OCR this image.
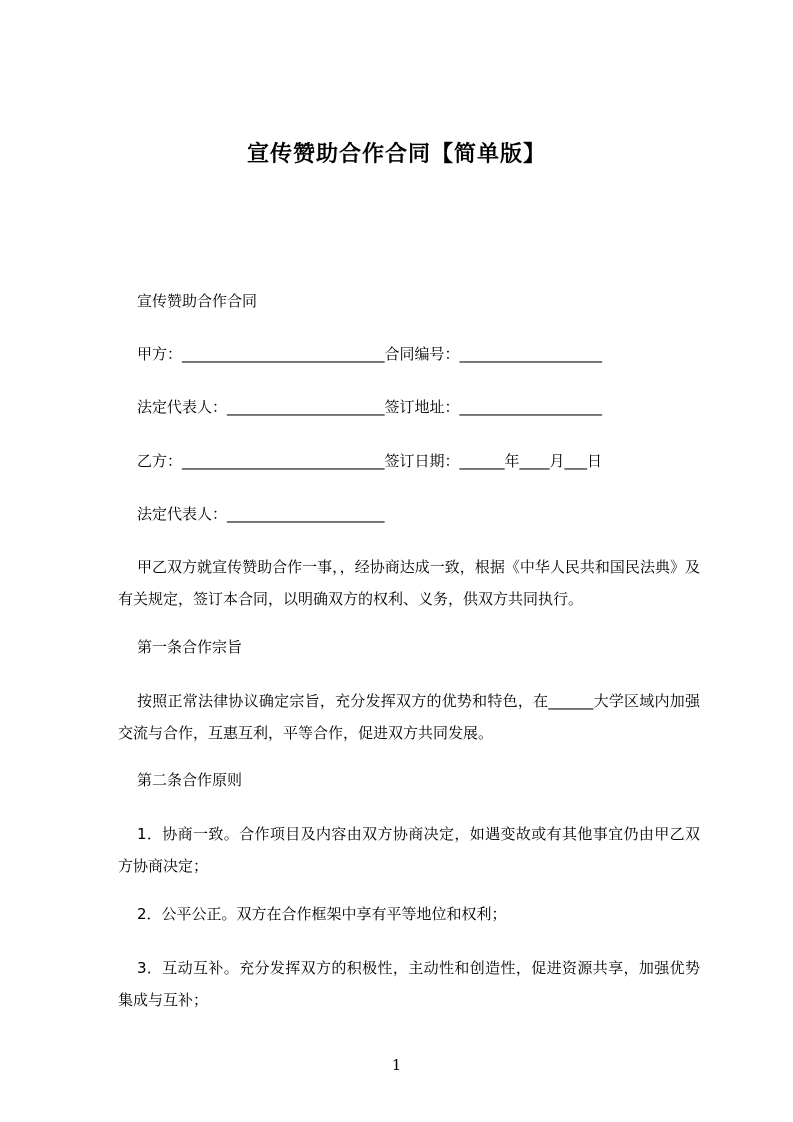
宣传赞助合作合同【简单版】
宣传赞助合作合同
甲方：___________________________合同编号：___________________
法定代表人：_____________________签订地址：___________________
乙方：___________________________签订日期：______年____月___日
法定代表人：_____________________
甲乙双方就宣传赞助合作一事，，经协商达成一致，根据《中华人民共和国民法典》及有关规定，签订本合同，以明确双方的权利、义务，供双方共同执行。
第一条合作宗旨
按照正常法律协议确定宗旨，充分发挥双方的优势和特色，在______大学区域内加强交流与合作，互惠互利，平等合作，促进双方共同发展。
第二条合作原则
1．协商一致。合作项目及内容由双方协商决定，如遇变故或有其他事宜仍由甲乙双方协商决定；
2．公平公正。双方在合作框架中享有平等地位和权利；
3．互动互补。充分发挥双方的积极性，主动性和创造性，促进资源共享，加强优势集成与互补；
1
